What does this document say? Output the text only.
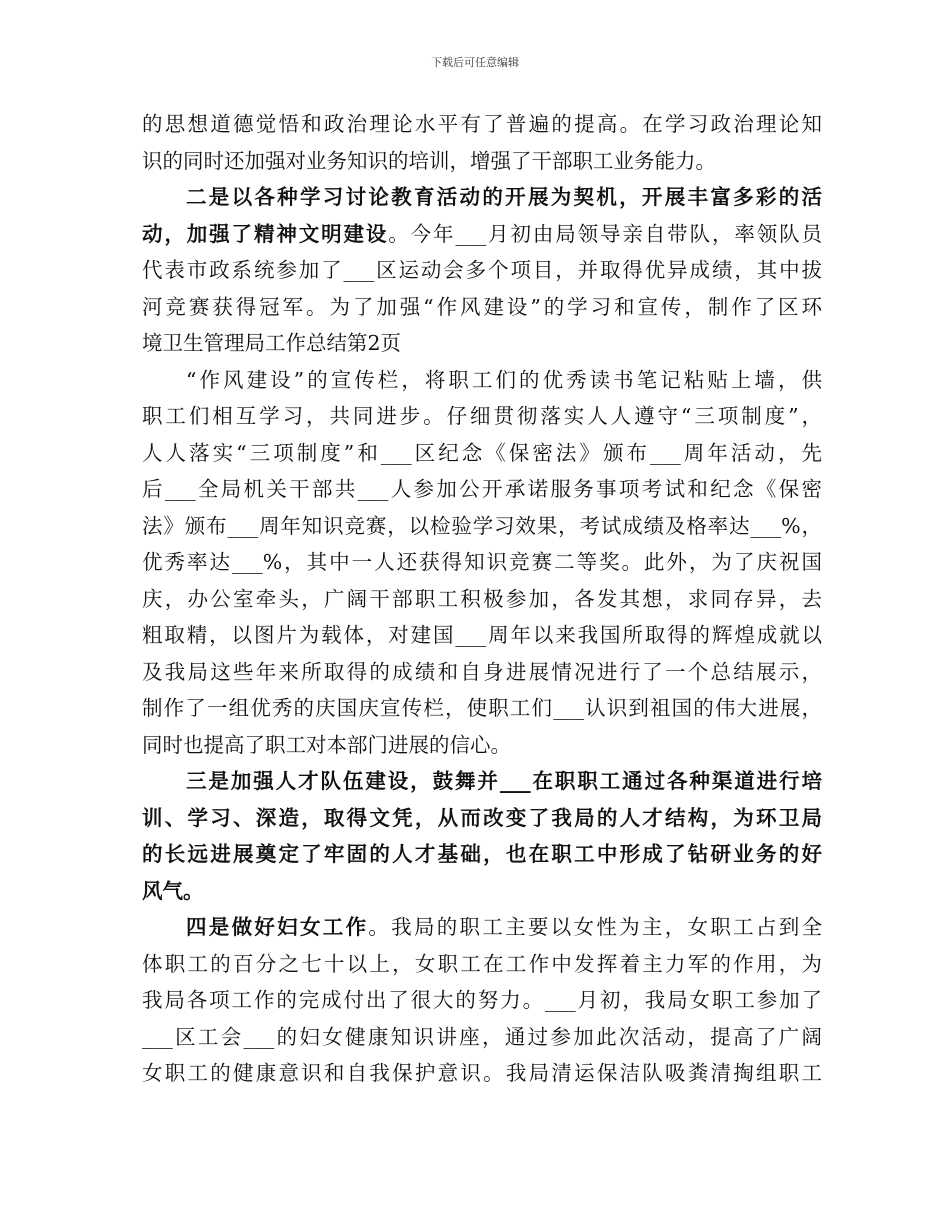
下载后可任意编辑
的思想道德觉悟和政治理论水平有了普遍的提高。在学习政治理论知
识的同时还加强对业务知识的培训，增强了干部职工业务能力。
二是以各种学习讨论教育活动的开展为契机，开展丰富多彩的活
动，加强了精神文明建设。今年___月初由局领导亲自带队，率领队员
代表市政系统参加了___区运动会多个项目，并取得优异成绩，其中拔
河竞赛获得冠军。为了加强“作风建设”的学习和宣传，制作了区环
境卫生管理局工作总结第2页
“作风建设”的宣传栏，将职工们的优秀读书笔记粘贴上墙，供
职工们相互学习，共同进步。仔细贯彻落实人人遵守“三项制度”，
人人落实“三项制度”和___区纪念《保密法》颁布___周年活动，先
后___全局机关干部共___人参加公开承诺服务事项考试和纪念《保密
法》颁布___周年知识竞赛，以检验学习效果，考试成绩及格率达___%，
优秀率达___%，其中一人还获得知识竞赛二等奖。此外，为了庆祝国
庆，办公室牵头，广阔干部职工积极参加，各发其想，求同存异，去
粗取精，以图片为载体，对建国___周年以来我国所取得的辉煌成就以
及我局这些年来所取得的成绩和自身进展情况进行了一个总结展示，
制作了一组优秀的庆国庆宣传栏，使职工们___认识到祖国的伟大进展，
同时也提高了职工对本部门进展的信心。
三是加强人才队伍建设，鼓舞并___在职职工通过各种渠道进行培
训、学习、深造，取得文凭，从而改变了我局的人才结构，为环卫局
的长远进展奠定了牢固的人才基础，也在职工中形成了钻研业务的好
风气。
四是做好妇女工作。我局的职工主要以女性为主，女职工占到全
体职工的百分之七十以上，女职工在工作中发挥着主力军的作用，为
我局各项工作的完成付出了很大的努力。___月初，我局女职工参加了
___区工会___的妇女健康知识讲座，通过参加此次活动，提高了广阔
女职工的健康意识和自我保护意识。我局清运保洁队吸粪清掏组职工
